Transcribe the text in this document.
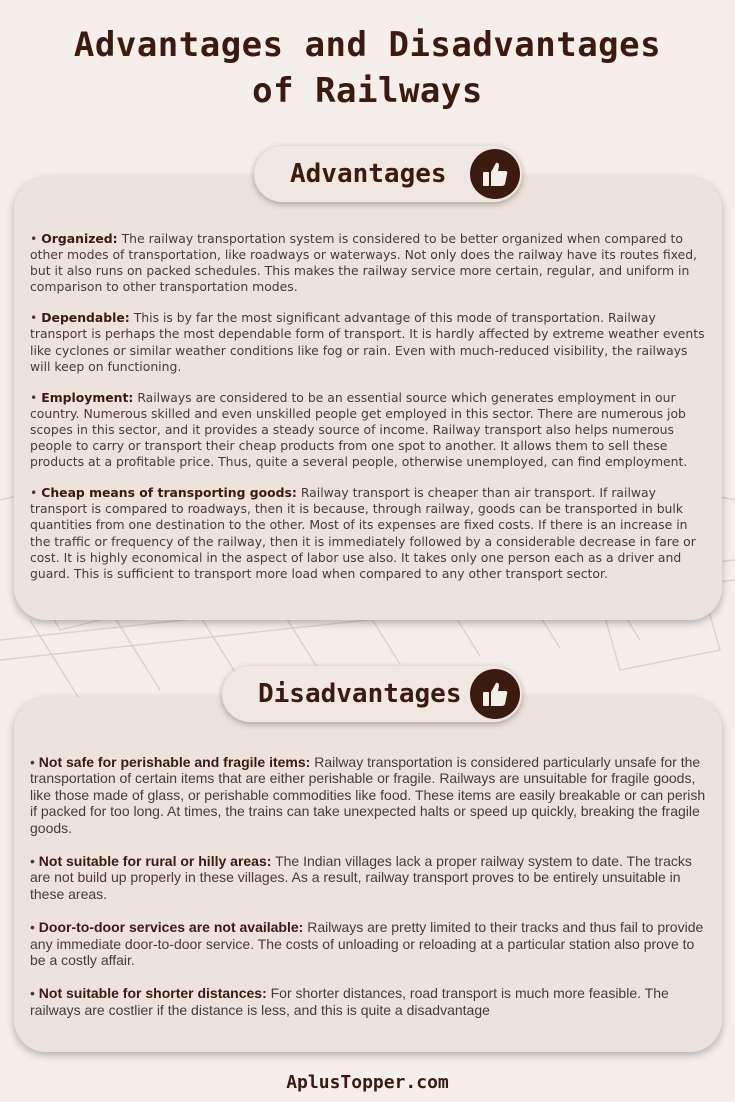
Advantages and Disadvantages
of Railways
• Organized: The railway transportation system is considered to be better organized when compared to other modes of transportation, like roadways or waterways. Not only does the railway have its routes fixed, but it also runs on packed schedules. This makes the railway service more certain, regular, and uniform in comparison to other transportation modes.
• Dependable: This is by far the most significant advantage of this mode of transportation. Railway transport is perhaps the most dependable form of transport. It is hardly affected by extreme weather events like cyclones or similar weather conditions like fog or rain. Even with much-reduced visibility, the railways will keep on functioning.
• Employment: Railways are considered to be an essential source which generates employment in our country. Numerous skilled and even unskilled people get employed in this sector. There are numerous job scopes in this sector, and it provides a steady source of income. Railway transport also helps numerous people to carry or transport their cheap products from one spot to another. It allows them to sell these products at a profitable price. Thus, quite a several people, otherwise unemployed, can find employment.
• Cheap means of transporting goods: Railway transport is cheaper than air transport. If railway transport is compared to roadways, then it is because, through railway, goods can be transported in bulk quantities from one destination to the other. Most of its expenses are fixed costs. If there is an increase in the traffic or frequency of the railway, then it is immediately followed by a considerable decrease in fare or cost. It is highly economical in the aspect of labor use also. It takes only one person each as a driver and guard. This is sufficient to transport more load when compared to any other transport sector.
Advantages
• Not safe for perishable and fragile items: Railway transportation is considered particularly unsafe for the transportation of certain items that are either perishable or fragile. Railways are unsuitable for fragile goods, like those made of glass, or perishable commodities like food. These items are easily breakable or can perish if packed for too long. At times, the trains can take unexpected halts or speed up quickly, breaking the fragile goods.
• Not suitable for rural or hilly areas: The Indian villages lack a proper railway system to date. The tracks are not build up properly in these villages. As a result, railway transport proves to be entirely unsuitable in these areas.
• Door-to-door services are not available: Railways are pretty limited to their tracks and thus fail to provide any immediate door-to-door service. The costs of unloading or reloading at a particular station also prove to be a costly affair.
• Not suitable for shorter distances: For shorter distances, road transport is much more feasible. The railways are costlier if the distance is less, and this is quite a disadvantage
Disadvantages
AplusTopper.com
